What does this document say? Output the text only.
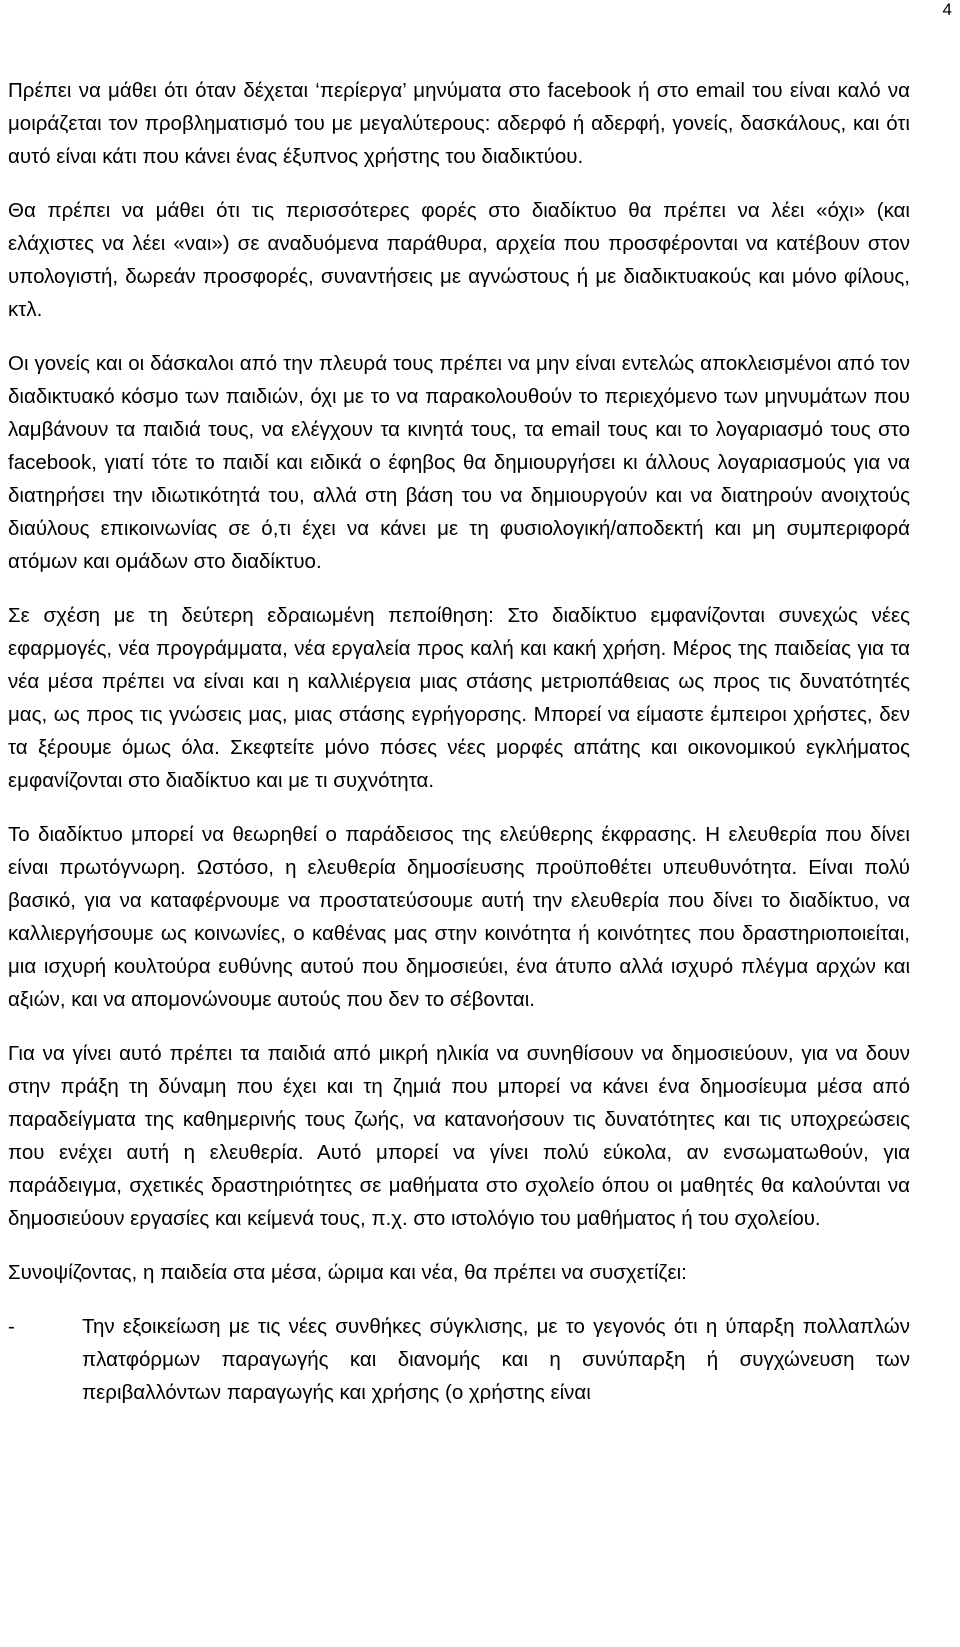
4

Πρέπει να μάθει ότι όταν δέχεται ‘περίεργα’ μηνύματα στο facebook ή στο email του είναι καλό να μοιράζεται τον προβληματισμό του με μεγαλύτερους: αδερφό ή αδερφή, γονείς, δασκάλους, και ότι αυτό είναι κάτι που κάνει ένας έξυπνος χρήστης του διαδικτύου.

Θα πρέπει να μάθει ότι τις περισσότερες φορές στο διαδίκτυο θα πρέπει να λέει «όχι» (και ελάχιστες να λέει «ναι») σε αναδυόμενα παράθυρα, αρχεία που προσφέρονται να κατέβουν στον υπολογιστή, δωρεάν προσφορές, συναντήσεις με αγνώστους ή με διαδικτυακούς και μόνο φίλους, κτλ.

Οι γονείς και οι δάσκαλοι από την πλευρά τους πρέπει να μην είναι εντελώς αποκλεισμένοι από τον διαδικτυακό κόσμο των παιδιών, όχι με το να παρακολουθούν το περιεχόμενο των μηνυμάτων που λαμβάνουν τα παιδιά τους, να ελέγχουν τα κινητά τους, τα email τους και το λογαριασμό τους στο facebook, γιατί τότε το παιδί και ειδικά ο έφηβος θα δημιουργήσει κι άλλους λογαριασμούς για να διατηρήσει την ιδιωτικότητά του, αλλά στη βάση του να δημιουργούν και να διατηρούν ανοιχτούς διαύλους επικοινωνίας σε ό,τι έχει να κάνει με τη φυσιολογική/αποδεκτή και μη συμπεριφορά ατόμων και ομάδων στο διαδίκτυο.

Σε σχέση με τη δεύτερη εδραιωμένη πεποίθηση: Στο διαδίκτυο εμφανίζονται συνεχώς νέες εφαρμογές, νέα προγράμματα, νέα εργαλεία προς καλή και κακή χρήση. Μέρος της παιδείας για τα νέα μέσα πρέπει να είναι και η καλλιέργεια μιας στάσης μετριοπάθειας ως προς τις δυνατότητές μας, ως προς τις γνώσεις μας, μιας στάσης εγρήγορσης. Μπορεί να είμαστε έμπειροι χρήστες, δεν τα ξέρουμε όμως όλα. Σκεφτείτε μόνο πόσες νέες μορφές απάτης και οικονομικού εγκλήματος εμφανίζονται στο διαδίκτυο και με τι συχνότητα.

Το διαδίκτυο μπορεί να θεωρηθεί ο παράδεισος της ελεύθερης έκφρασης. Η ελευθερία που δίνει είναι πρωτόγνωρη. Ωστόσο, η ελευθερία δημοσίευσης προϋποθέτει υπευθυνότητα. Είναι πολύ βασικό, για να καταφέρνουμε να προστατεύσουμε αυτή την ελευθερία που δίνει το διαδίκτυο, να καλλιεργήσουμε ως κοινωνίες, ο καθένας μας στην κοινότητα ή κοινότητες που δραστηριοποιείται, μια ισχυρή κουλτούρα ευθύνης αυτού που δημοσιεύει, ένα άτυπο αλλά ισχυρό πλέγμα αρχών και αξιών, και να απομονώνουμε αυτούς που δεν το σέβονται.

Για να γίνει αυτό πρέπει τα παιδιά από μικρή ηλικία να συνηθίσουν να δημοσιεύουν, για να δουν στην πράξη τη δύναμη που έχει και τη ζημιά που μπορεί να κάνει ένα δημοσίευμα μέσα από παραδείγματα της καθημερινής τους ζωής, να κατανοήσουν τις δυνατότητες και τις υποχρεώσεις που ενέχει αυτή η ελευθερία. Αυτό μπορεί να γίνει πολύ εύκολα, αν ενσωματωθούν, για παράδειγμα, σχετικές δραστηριότητες σε μαθήματα στο σχολείο όπου οι μαθητές θα καλούνται να δημοσιεύουν εργασίες και κείμενά τους, π.χ. στο ιστολόγιο του μαθήματος ή του σχολείου.

Συνοψίζοντας, η παιδεία στα μέσα, ώριμα και νέα, θα πρέπει να συσχετίζει:

-	Την εξοικείωση με τις νέες συνθήκες σύγκλισης, με το γεγονός ότι η ύπαρξη πολλαπλών πλατφόρμων παραγωγής και διανομής και η συνύπαρξη ή συγχώνευση των περιβαλλόντων παραγωγής και χρήσης (ο χρήστης είναι
